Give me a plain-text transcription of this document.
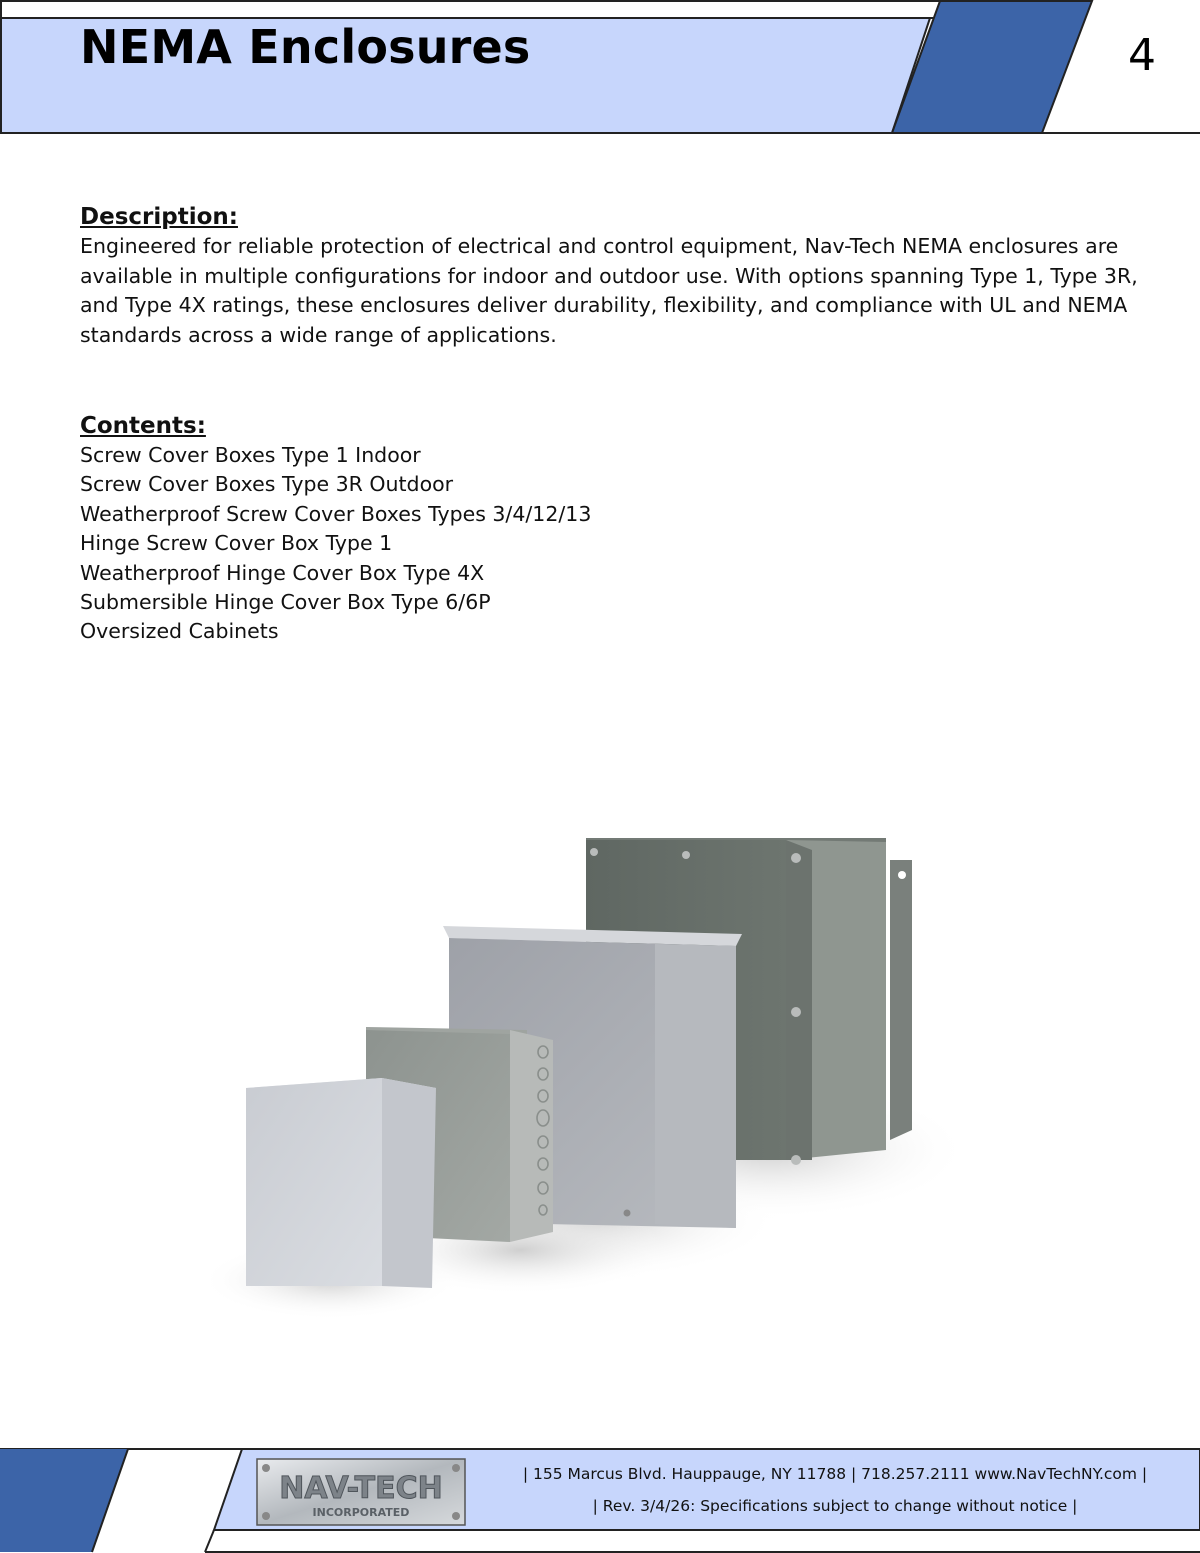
NEMA Enclosures	4
Description:

Engineered for reliable protection of electrical and control equipment, Nav-Tech NEMA enclosures are available in multiple configurations for indoor and outdoor use. With options spanning Type 1, Type 3R, and Type 4X ratings, these enclosures deliver durability, flexibility, and compliance with UL and NEMA standards across a wide range of applications.

Contents:
Screw Cover Boxes Type 1 Indoor
Screw Cover Boxes Type 3R Outdoor
Weatherproof Screw Cover Boxes Types 3/4/12/13
Hinge Screw Cover Box Type 1
Weatherproof Hinge Cover Box Type 4X
Submersible Hinge Cover Box Type 6/6P
Oversized Cabinets
NAV-TECH
INCORPORATED
| 155 Marcus Blvd. Hauppauge, NY 11788 | 718.257.2111 www.NavTechNY.com |
| Rev. 3/4/26: Specifications subject to change without notice |
